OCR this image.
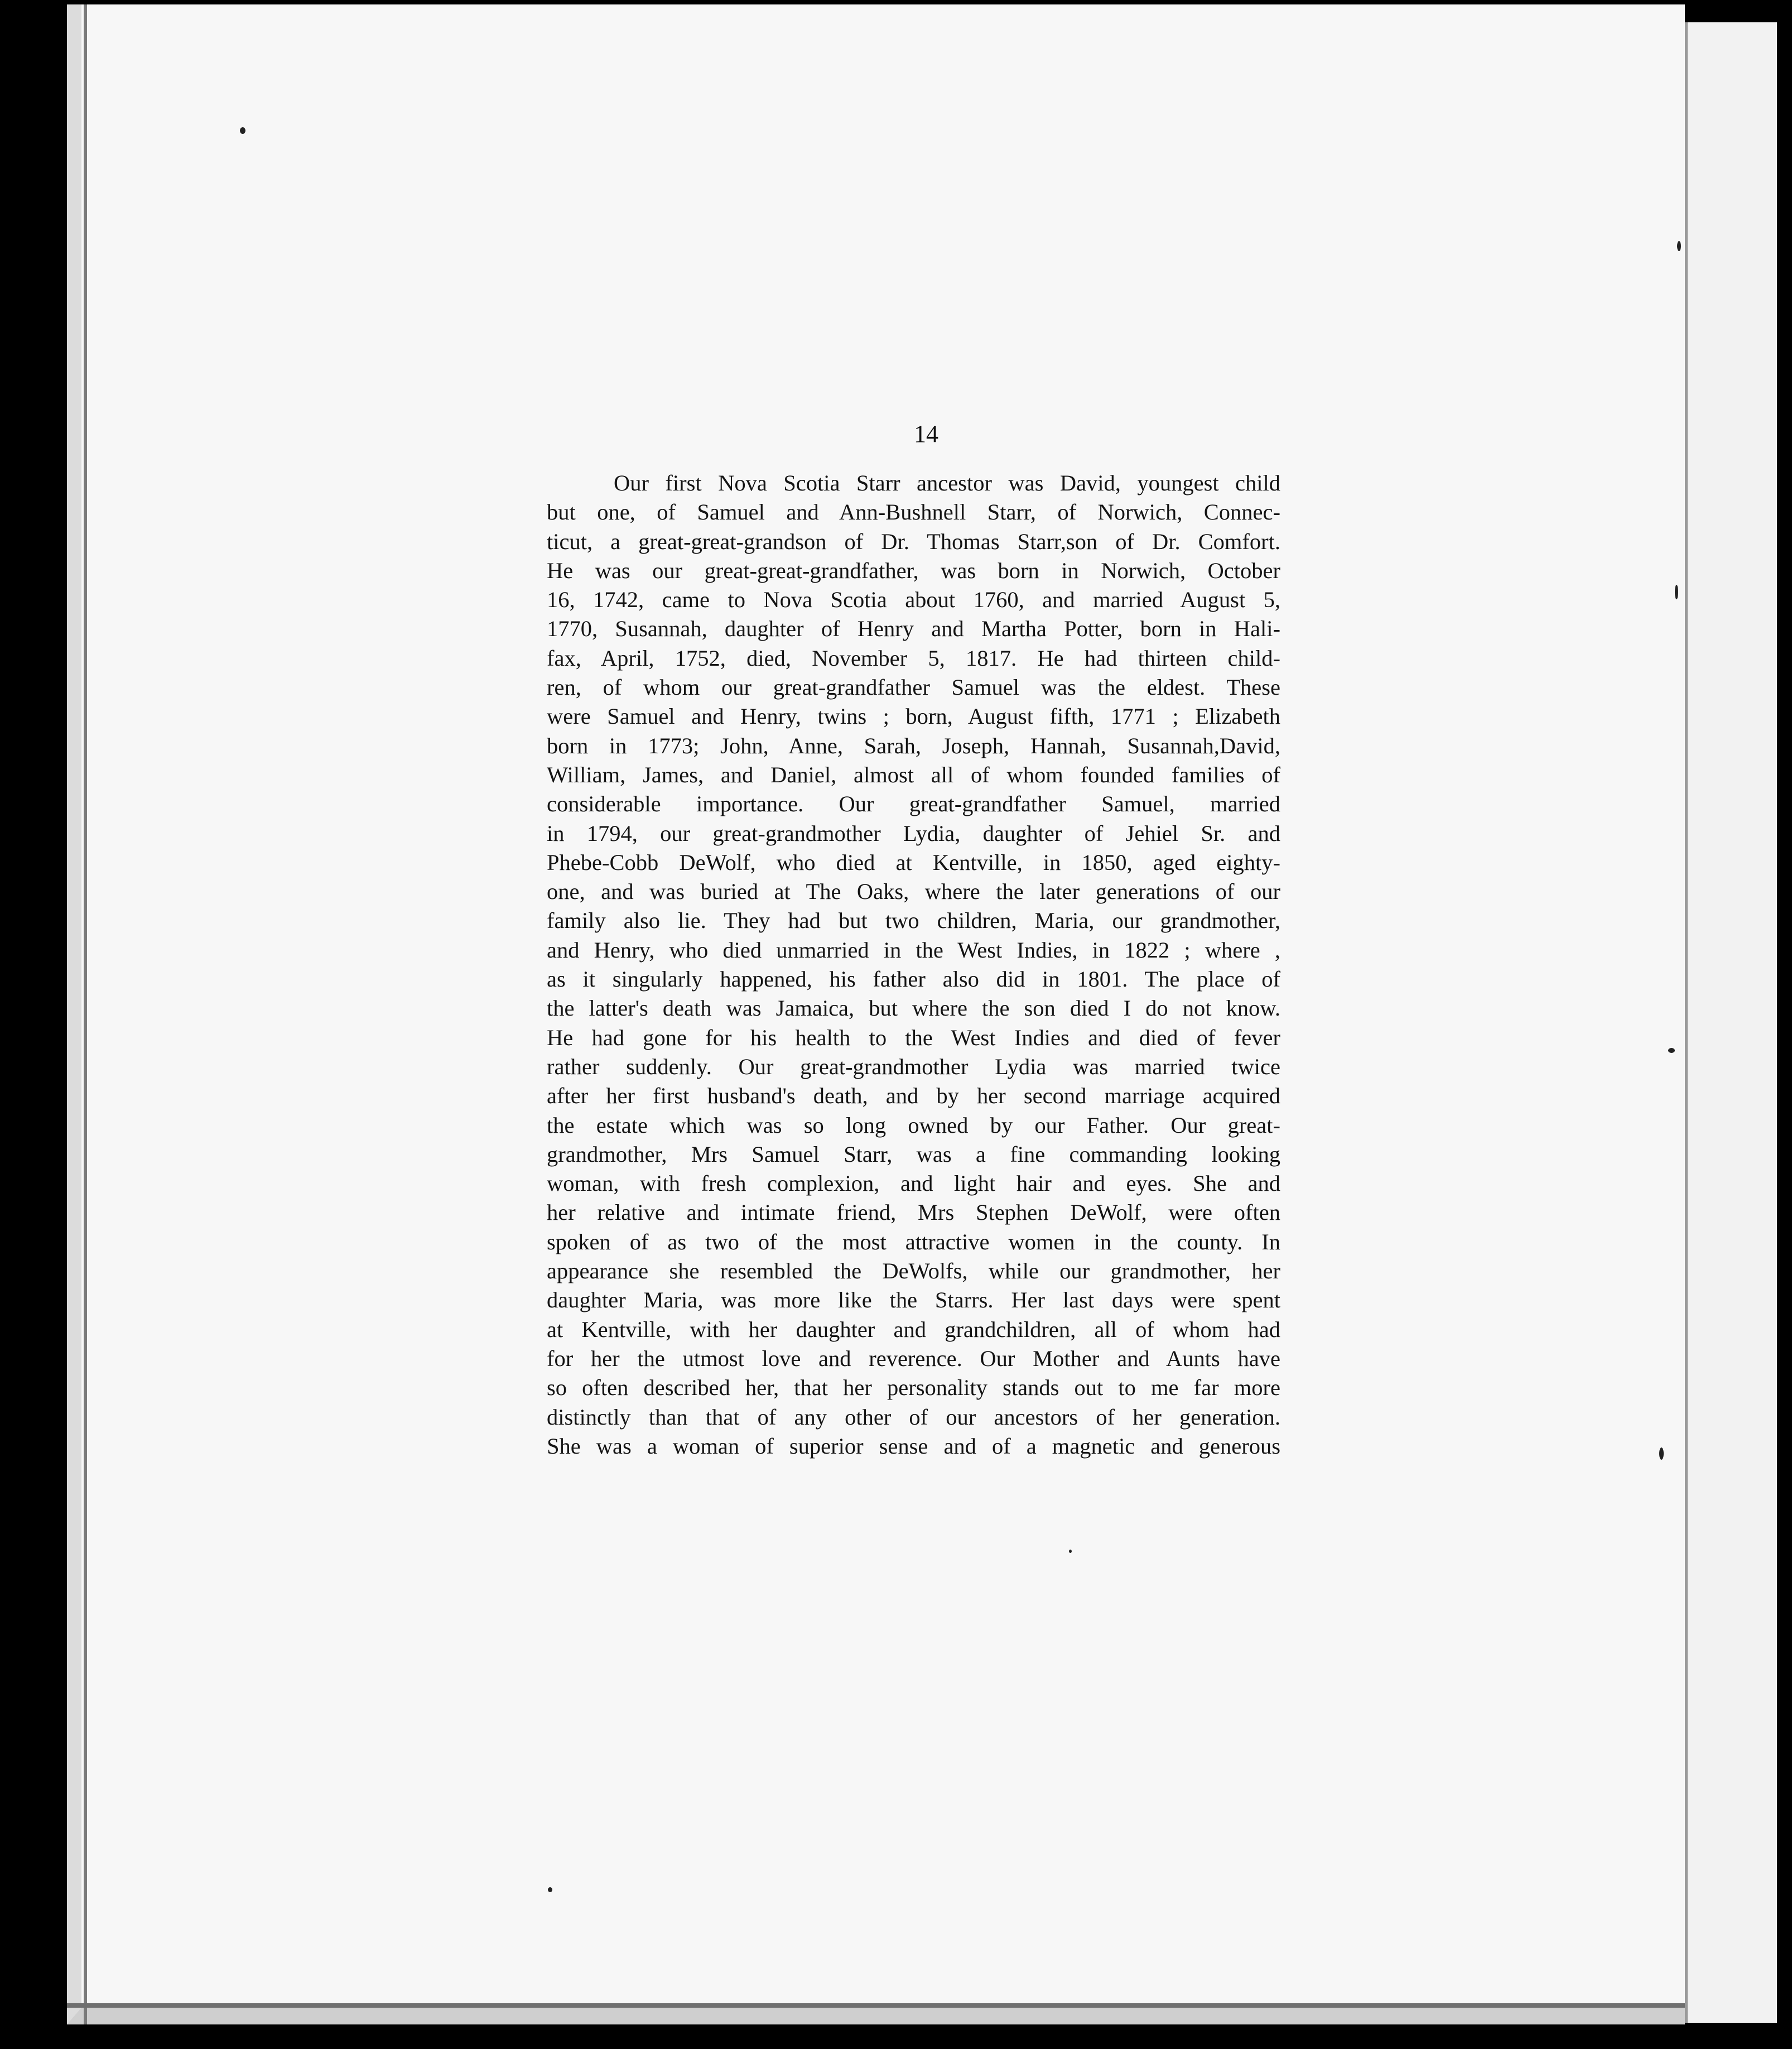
14
Our first Nova Scotia Starr ancestor was David, youngest child
but one, of Samuel and Ann-Bushnell Starr, of Norwich, Connec-
ticut, a great-great-grandson of Dr. Thomas Starr,son of Dr. Comfort.
He was our great-great-grandfather, was born in Norwich, October
16, 1742, came to Nova Scotia about 1760, and married August 5,
1770, Susannah, daughter of Henry and Martha Potter, born in Hali-
fax, April, 1752, died, November 5, 1817. He had thirteen child-
ren, of whom our great-grandfather Samuel was the eldest. These
were Samuel and Henry, twins ; born, August fifth, 1771 ; Elizabeth
born in 1773; John, Anne, Sarah, Joseph, Hannah, Susannah,David,
William, James, and Daniel, almost all of whom founded families of
considerable importance. Our great-grandfather Samuel, married
in 1794, our great-grandmother Lydia, daughter of Jehiel Sr. and
Phebe-Cobb DeWolf, who died at Kentville, in 1850, aged eighty-
one, and was buried at The Oaks, where the later generations of our
family also lie. They had but two children, Maria, our grandmother,
and Henry, who died unmarried in the West Indies, in 1822 ; where ,
as it singularly happened, his father also did in 1801. The place of
the latter's death was Jamaica, but where the son died I do not know.
He had gone for his health to the West Indies and died of fever
rather suddenly. Our great-grandmother Lydia was married twice
after her first husband's death, and by her second marriage acquired
the estate which was so long owned by our Father. Our great-
grandmother, Mrs Samuel Starr, was a fine commanding looking
woman, with fresh complexion, and light hair and eyes. She and
her relative and intimate friend, Mrs Stephen DeWolf, were often
spoken of as two of the most attractive women in the county. In
appearance she resembled the DeWolfs, while our grandmother, her
daughter Maria, was more like the Starrs. Her last days were spent
at Kentville, with her daughter and grandchildren, all of whom had
for her the utmost love and reverence. Our Mother and Aunts have
so often described her, that her personality stands out to me far more
distinctly than that of any other of our ancestors of her generation.
She was a woman of superior sense and of a magnetic and generous
